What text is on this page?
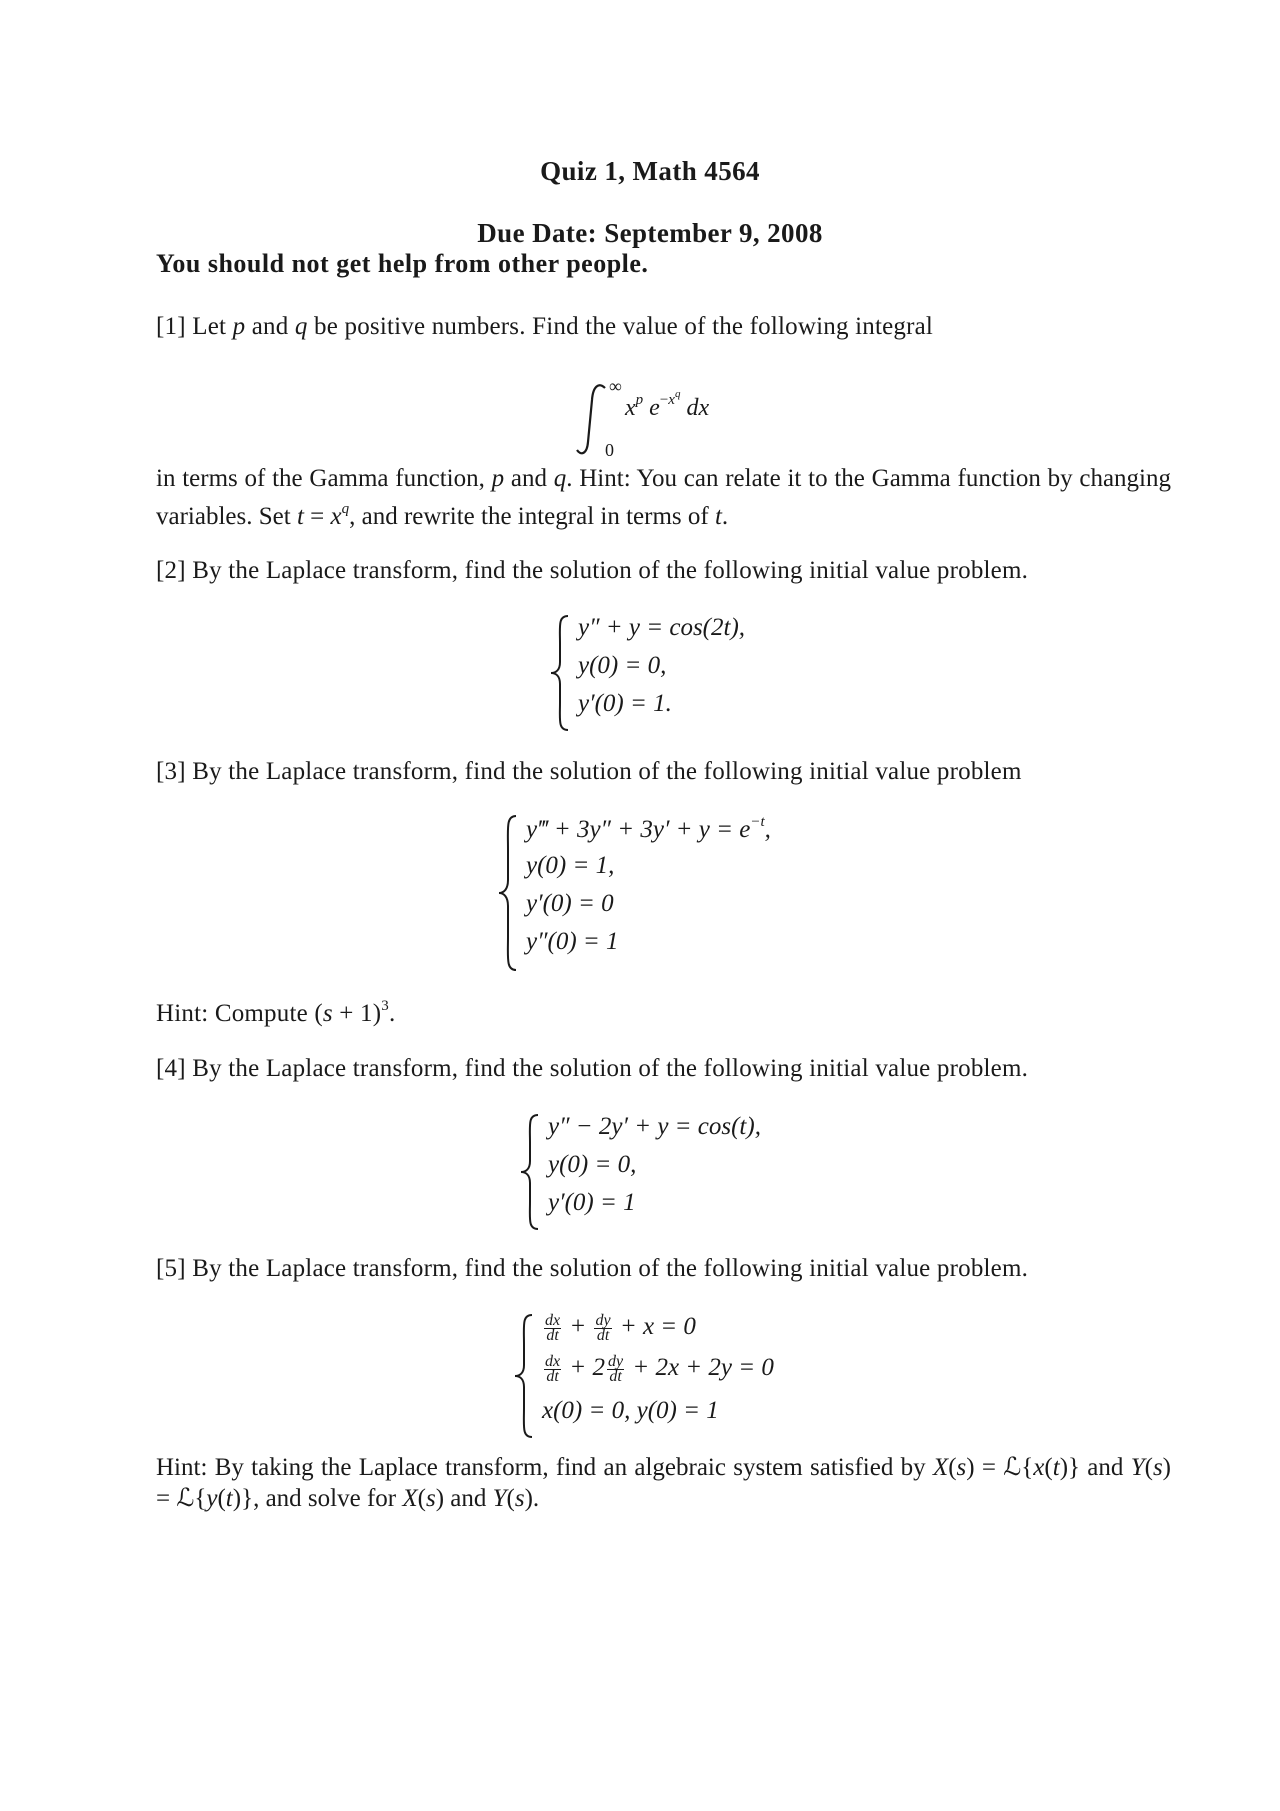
Quiz 1, Math 4564
Due Date: September 9, 2008
You should not get help from other people.
[1] Let p and q be positive numbers. Find the value of the following integral
∞
0
$x^p$ $e^{-x^q}$ dx
in terms of the Gamma function, p and q. Hint: You can relate it to the Gamma function by changing variables. Set $t = x^q$, and rewrite the integral in terms of t.
[2] By the Laplace transform, find the solution of the following initial value problem.
y″ + y = cos(2t),
y(0) = 0,
y′(0) = 1.
[3] By the Laplace transform, find the solution of the following initial value problem
y‴ + $3y'' + 3y' + y = e^{-t}$,
y(0) = 1,
y′(0) = 0
y″(0) = 1
Hint: Compute $(s + 1)^3$.
[4] By the Laplace transform, find the solution of the following initial value problem.
y″ − 2y′ + y = cos(t),
y(0) = 0,
y′(0) = 1
[5] By the Laplace transform, find the solution of the following initial value problem.
$\frac{dx}{dt} + \frac{dy}{dt} + x = 0$
$\frac{dx}{dt} + 2 \frac{dy}{dt} + 2x + 2y = 0$
x(0) = 0, y(0) = 1
Hint: By taking the Laplace transform, find an algebraic system satisfied by X(s) = ℒ{x(t)} and Y(s) = ℒ{y(t)}, and solve for X(s) and Y(s).
